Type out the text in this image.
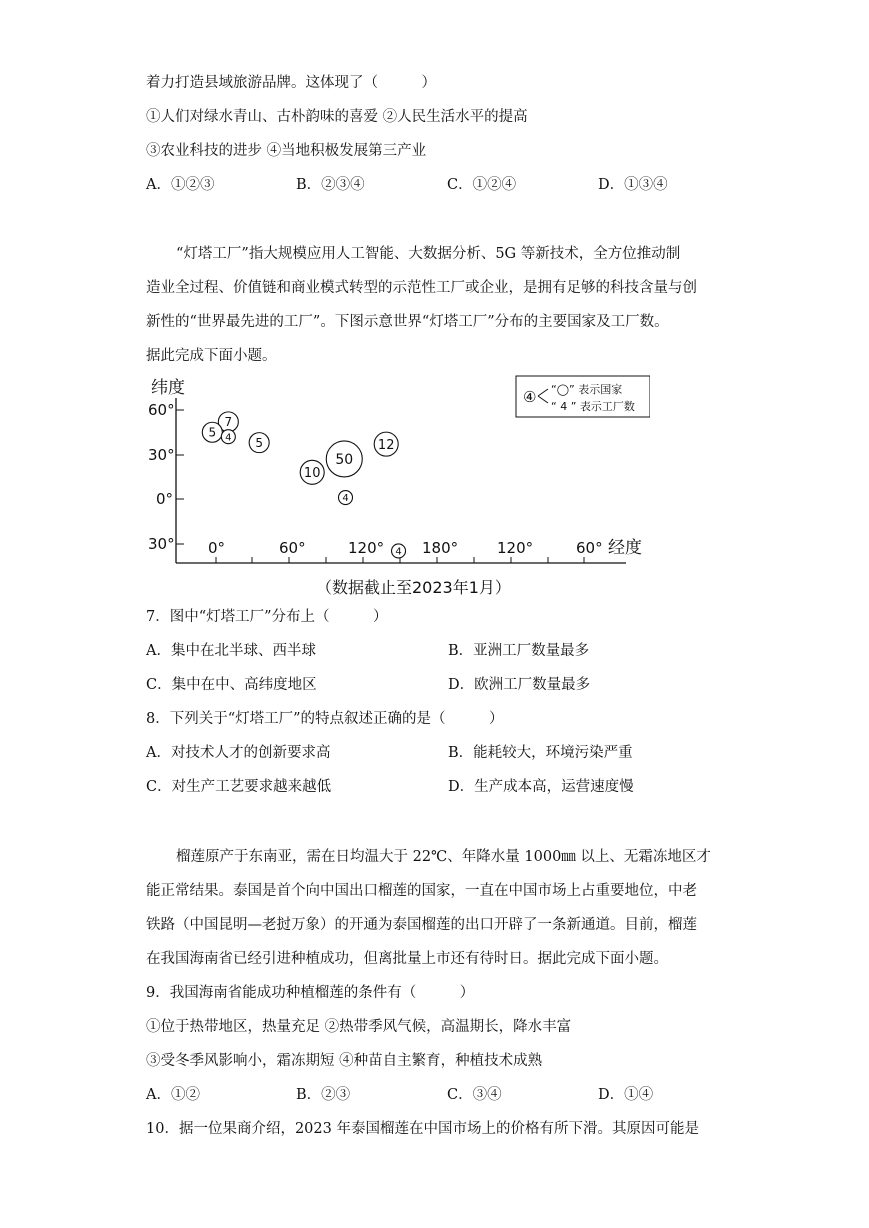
着力打造县域旅游品牌。这体现了（　　　）
①人们对绿水青山、古朴韵味的喜爱 ②人民生活水平的提高
③农业科技的进步 ④当地积极发展第三产业
A．①②③	B．②③④	C．①②④	D．①③④
“灯塔工厂”指大规模应用人工智能、大数据分析、5G 等新技术，全方位推动制
造业全过程、价值链和商业模式转型的示范性工厂或企业，是拥有足够的科技含量与创
新性的“世界最先进的工厂”。下图示意世界“灯塔工厂”分布的主要国家及工厂数。
据此完成下面小题。
纬度
经度
60°
30°
0°
30° 0°	60°	120°	180°	120°	60°
④ “◯” 表示国家
“ 4 ” 表示工厂数
7
5 4 5
10
50
4
12
4
（数据截止至2023年1月）
7．图中“灯塔工厂”分布上（　　　）
A．集中在北半球、西半球	B．亚洲工厂数量最多
C．集中在中、高纬度地区	D．欧洲工厂数量最多
8．下列关于“灯塔工厂”的特点叙述正确的是（　　　）
A．对技术人才的创新要求高	B．能耗较大，环境污染严重
C．对生产工艺要求越来越低	D．生产成本高，运营速度慢
榴莲原产于东南亚，需在日均温大于 22℃、年降水量 1000㎜ 以上、无霜冻地区才
能正常结果。泰国是首个向中国出口榴莲的国家，一直在中国市场上占重要地位，中老
铁路（中国昆明—老挝万象）的开通为泰国榴莲的出口开辟了一条新通道。目前，榴莲
在我国海南省已经引进种植成功，但离批量上市还有待时日。据此完成下面小题。
9．我国海南省能成功种植榴莲的条件有（　　　）
①位于热带地区，热量充足 ②热带季风气候，高温期长，降水丰富
③受冬季风影响小，霜冻期短 ④种苗自主繁育，种植技术成熟
A．①②	B．②③	C．③④	D．①④
10．据一位果商介绍，2023 年泰国榴莲在中国市场上的价格有所下滑。其原因可能是
